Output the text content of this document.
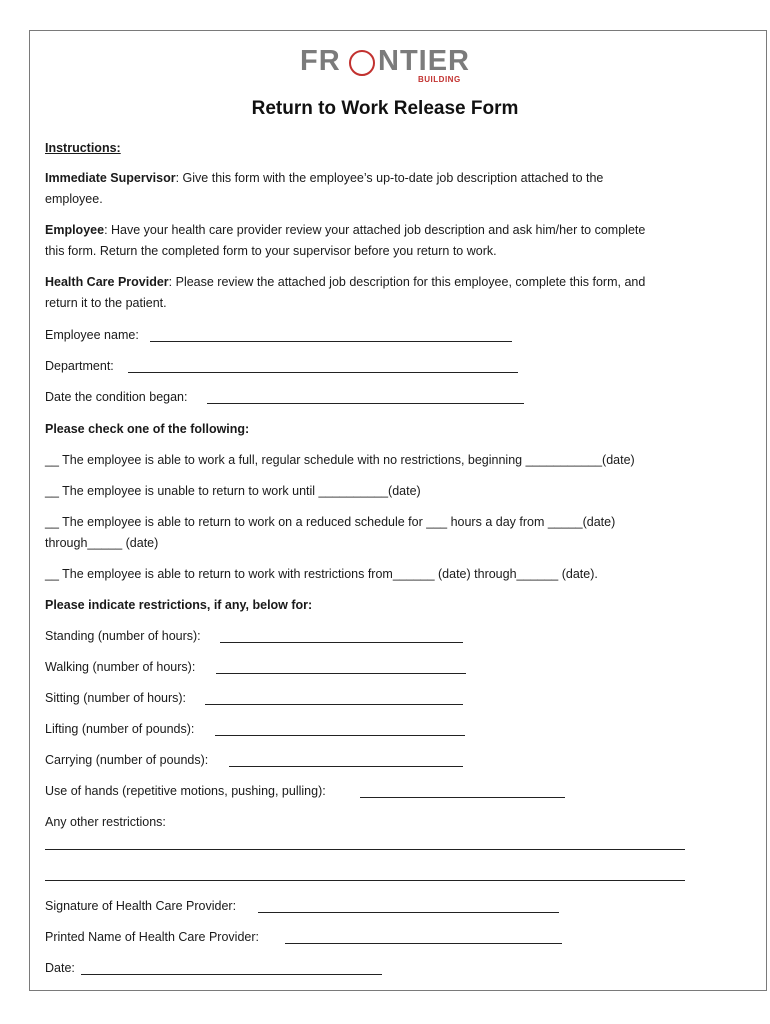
FR NTIER
BUILDING
Return to Work Release Form
Instructions:
Immediate Supervisor: Give this form with the employee’s up-to-date job description attached to the
employee.
Employee: Have your health care provider review your attached job description and ask him/her to complete
this form. Return the completed form to your supervisor before you return to work.
Health Care Provider: Please review the attached job description for this employee, complete this form, and
return it to the patient.
Employee name:
Department:
Date the condition began:
Please check one of the following:
__ The employee is able to work a full, regular schedule with no restrictions, beginning ___________(date)
__ The employee is unable to return to work until __________(date)
__ The employee is able to return to work on a reduced schedule for ___ hours a day from _____(date)
through_____ (date)
__ The employee is able to return to work with restrictions from______ (date) through______ (date).
Please indicate restrictions, if any, below for:
Standing (number of hours):
Walking (number of hours):
Sitting (number of hours):
Lifting (number of pounds):
Carrying (number of pounds):
Use of hands (repetitive motions, pushing, pulling):
Any other restrictions:
Signature of Health Care Provider:
Printed Name of Health Care Provider:
Date:
